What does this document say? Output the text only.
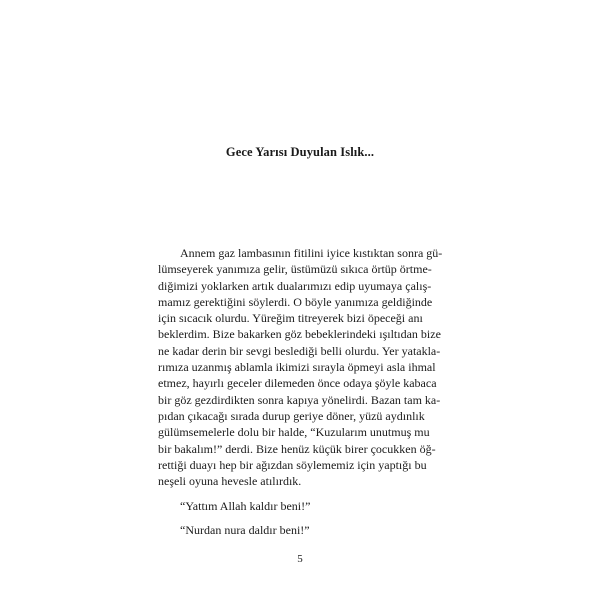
Gece Yarısı Duyulan Islık...
Annem gaz lambasının fitilini iyice kıstıktan sonra gü-
lümseyerek yanımıza gelir, üstümüzü sıkıca örtüp örtme-
diğimizi yoklarken artık dualarımızı edip uyumaya çalış-
mamız gerektiğini söylerdi. O böyle yanımıza geldiğinde
için sıcacık olurdu. Yüreğim titreyerek bizi öpeceği anı
beklerdim. Bize bakarken göz bebeklerindeki ışıltıdan bize
ne kadar derin bir sevgi beslediği belli olurdu. Yer yatakla-
rımıza uzanmış ablamla ikimizi sırayla öpmeyi asla ihmal
etmez, hayırlı geceler dilemeden önce odaya şöyle kabaca
bir göz gezdirdikten sonra kapıya yönelirdi. Bazan tam ka-
pıdan çıkacağı sırada durup geriye döner, yüzü aydınlık
gülümsemelerle dolu bir halde, “Kuzularım unutmuş mu
bir bakalım!” derdi. Bize henüz küçük birer çocukken öğ-
rettiği duayı hep bir ağızdan söylememiz için yaptığı bu
neşeli oyuna hevesle atılırdık.
“Yattım Allah kaldır beni!”
“Nurdan nura daldır beni!”
5
